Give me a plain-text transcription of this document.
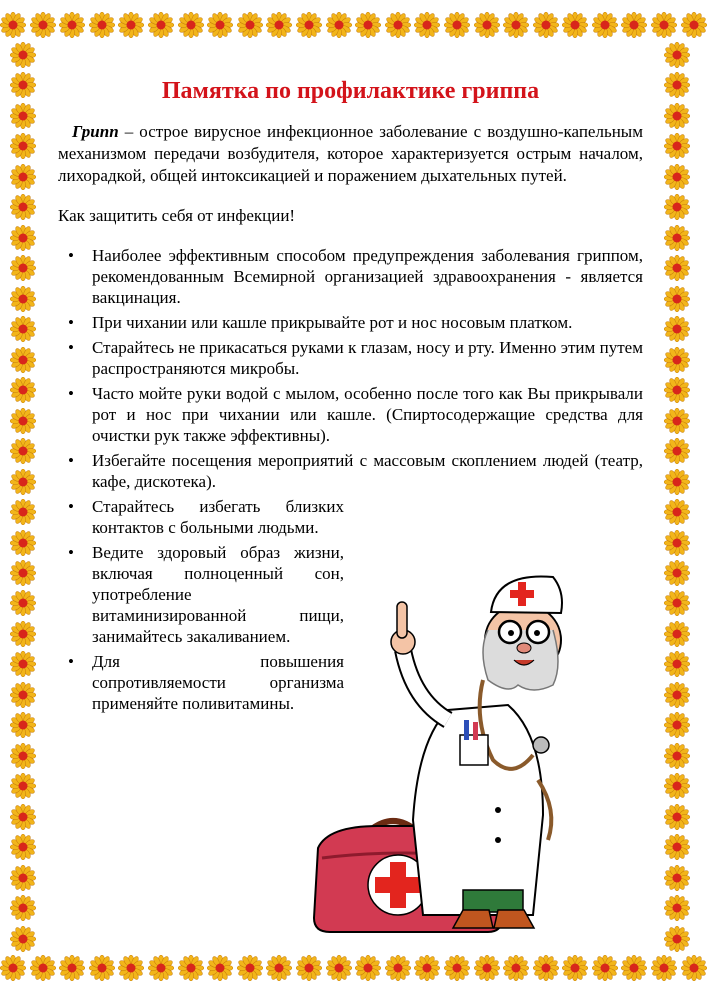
Памятка по профилактике гриппа

Грипп – острое вирусное инфекционное заболевание с воздушно-капельным механизмом передачи возбудителя, которое характеризуется острым началом, лихорадкой, общей интоксикацией и поражением дыхательных путей.

Как защитить себя от инфекции!
• Наиболее эффективным способом предупреждения заболевания гриппом, рекомендованным Всемирной организацией здравоохранения - является вакцинация.
• При чихании или кашле прикрывайте рот и нос носовым платком.
• Старайтесь не прикасаться руками к глазам, носу и рту. Именно этим путем распространяются микробы.
• Часто мойте руки водой с мылом, особенно после того как Вы прикрывали рот и нос при чихании или кашле. (Спиртосодержащие средства для очистки рук также эффективны).
• Избегайте посещения мероприятий с массовым скоплением людей (театр, кафе, дискотека).
• Старайтесь избегать близких контактов с больными людьми.
• Ведите здоровый образ жизни, включая полноценный сон, употребление витаминизированной пищи, занимайтесь закаливанием.
• Для повышения сопротивляемости организма применяйте поливитамины.
